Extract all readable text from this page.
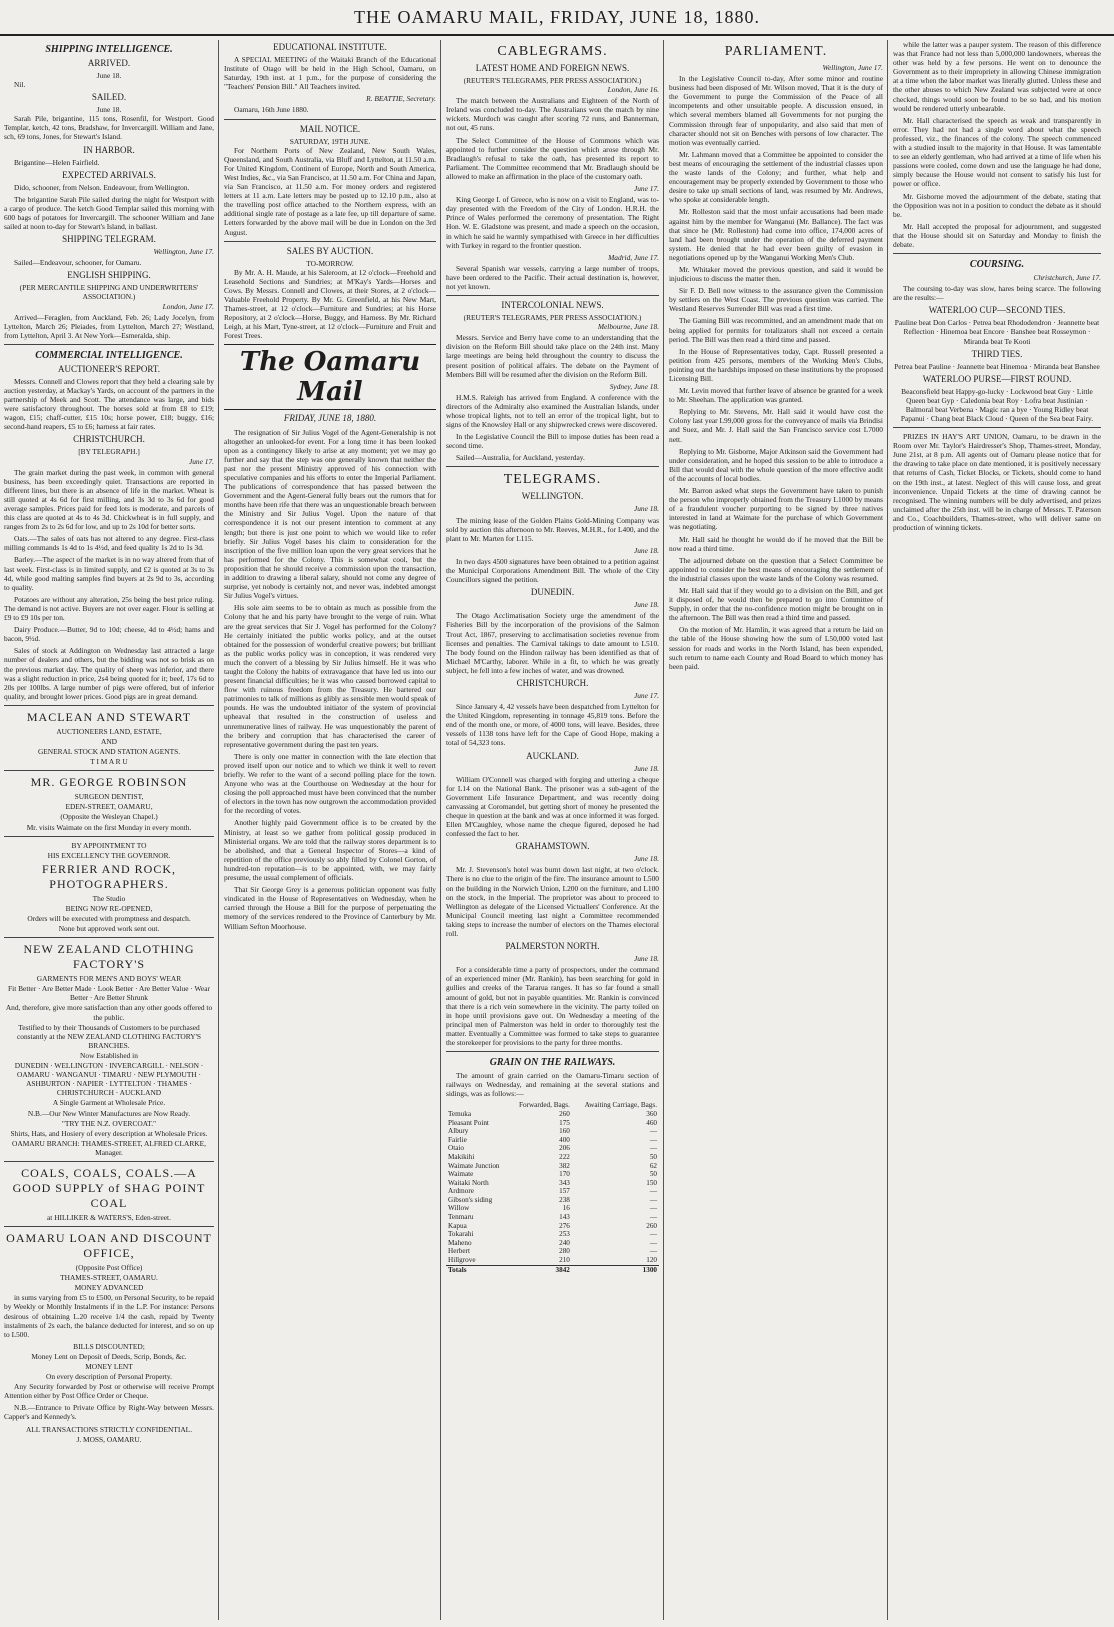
THE OAMARU MAIL, FRIDAY, JUNE 18, 1880.
SHIPPING INTELLIGENCE.
ARRIVED.
June 18.

Nil.

SAILED.
June 18.

Sarah Pile, brigantine, 115 tons, Rosenfil, for Westport. Good Templar, ketch, 42 tons, Bradshaw, for Invercargill. William and Jane, sch, 69 tons, Jones, for Stewart's Island.

IN HARBOR.

Brigantine—Helen Fairfield.

EXPECTED ARRIVALS.

Dido, schooner, from Nelson. Endeavour, from Wellington.

The brigantine Sarah Pile sailed during the night for Westport with a cargo of produce. The ketch Good Templar sailed this morning with 600 bags of potatoes for Invercargill. The schooner William and Jane sailed at noon to-day for Stewart's Island, in ballast.

SHIPPING TELEGRAM.
Wellington, June 17.

Sailed—Endeavour, schooner, for Oamaru.

ENGLISH SHIPPING.
(PER MERCANTILE SHIPPING AND UNDERWRITERS' ASSOCIATION.)
London, June 17.

Arrived—Feraglen, from Auckland, Feb. 26; Lady Jocelyn, from Lyttelton, March 26; Pleiades, from Lyttelton, March 27; Westland, from Lyttelton, April 3. At New York—Esmeralda, ship.

COMMERCIAL INTELLIGENCE.
AUCTIONEER'S REPORT.

Messrs. Connell and Clowes report that they held a clearing sale by auction yesterday, at Mackay's Yards, on account of the partners in the partnership of Meek and Scott. The attendance was large, and bids were satisfactory throughout. The horses sold at from £8 to £19; wagon, £15; chaff-cutter, £15 10s; horse power, £18; buggy, £16; second-hand reapers, £5 to £6; harness at fair rates.

CHRISTCHURCH.
[BY TELEGRAPH.]
June 17.

The grain market during the past week, in common with general business, has been exceedingly quiet. Transactions are reported in different lines, but there is an absence of life in the market. Wheat is still quoted at 4s 6d for first milling, and 3s 3d to 3s 6d for good average samples. Prices paid for feed lots is moderate, and parcels of this class are quoted at 4s to 4s 3d. Chickwheat is in full supply, and ranges from 2s to 2s 6d for low, and up to 2s 10d for better sorts.

Oats.—The sales of oats has not altered to any degree. First-class milling commands 1s 4d to 1s 4½d, and feed quality 1s 2d to 1s 3d.

Barley.—The aspect of the market is in no way altered from that of last week. First-class is in limited supply, and £2 is quoted at 3s to 3s 4d, while good malting samples find buyers at 2s 9d to 3s, according to quality.

Potatoes are without any alteration, 25s being the best price ruling. The demand is not active. Buyers are not over eager. Flour is selling at £9 to £9 10s per ton.

Dairy Produce.—Butter, 9d to 10d; cheese, 4d to 4½d; hams and bacon, 9½d.

Sales of stock at Addington on Wednesday last attracted a large number of dealers and others, but the bidding was not so brisk as on the previous market day. The quality of sheep was inferior, and there was a slight reduction in price, 2s4 being quoted for it; beef, 17s 6d to 20s per 100lbs. A large number of pigs were offered, but of inferior quality, and brought lower prices. Good pigs are in great demand.

MACLEAN AND STEWART

AUCTIONEERS LAND, ESTATE,

AND

GENERAL STOCK AND STATION AGENTS.

T I M A R U

MR. GEORGE ROBINSON

SURGEON DENTIST,

EDEN-STREET, OAMARU,

(Opposite the Wesleyan Chapel.)

Mr. visits Waimate on the first Monday in every month.

BY APPOINTMENT TO

HIS EXCELLENCY THE GOVERNOR.

FERRIER AND ROCK, PHOTOGRAPHERS.

The Studio

BEING NOW RE-OPENED,

Orders will be executed with promptness and despatch.

None but approved work sent out.

NEW ZEALAND CLOTHING FACTORY'S

GARMENTS FOR MEN'S AND BOYS' WEAR

Fit Better · Are Better Made · Look Better · Are Better Value · Wear Better · Are Better Shrunk

And, therefore, give more satisfaction than any other goods offered to the public.

Testified to by their Thousands of Customers to be purchased constantly at the NEW ZEALAND CLOTHING FACTORY'S BRANCHES.

Now Established in

DUNEDIN · WELLINGTON · INVERCARGILL · NELSON · OAMARU · WANGANUI · TIMARU · NEW PLYMOUTH · ASHBURTON · NAPIER · LYTTELTON · THAMES · CHRISTCHURCH · AUCKLAND

A Single Garment at Wholesale Price.

N.B.—Our New Winter Manufactures are Now Ready.

"TRY THE N.Z. OVERCOAT."

Shirts, Hats, and Hosiery of every description at Wholesale Prices.

OAMARU BRANCH: THAMES-STREET, ALFRED CLARKE, Manager.

COALS, COALS, COALS.—A GOOD SUPPLY of SHAG POINT COAL

at HILLIKER & WATERS'S, Eden-street.

OAMARU LOAN AND DISCOUNT OFFICE,

(Opposite Post Office)

THAMES-STREET, OAMARU.

MONEY ADVANCED

in sums varying from £5 to £500, on Personal Security, to be repaid by Weekly or Monthly Instalments if in the L.P. For instance: Persons desirous of obtaining L.20 receive 1/4 the cash, repaid by Twenty instalments of 2s each, the balance deducted for interest, and so on up to L500.

BILLS DISCOUNTED;

Money Lent on Deposit of Deeds, Scrip, Bonds, &c.

MONEY LENT

On every description of Personal Property.

Any Security forwarded by Post or otherwise will receive Prompt Attention either by Post Office Order or Cheque.

N.B.—Entrance to Private Office by Right-Way between Messrs. Capper's and Kennedy's.

ALL TRANSACTIONS STRICTLY CONFIDENTIAL.

J. MOSS, OAMARU.

EDUCATIONAL INSTITUTE.

A SPECIAL MEETING of the Waitaki Branch of the Educational Institute of Otago will be held in the High School, Oamaru, on Saturday, 19th inst. at 1 p.m., for the purpose of considering the "Teachers' Pension Bill." All Teachers invited.

R. BEATTIE, Secretary.

Oamaru, 16th June 1880.

MAIL NOTICE.
SATURDAY, 19TH JUNE.

For Northern Ports of New Zealand, New South Wales, Queensland, and South Australia, via Bluff and Lyttelton, at 11.50 a.m. For United Kingdom, Continent of Europe, North and South America, West Indies, &c., via San Francisco, at 11.50 a.m. For China and Japan, via San Francisco, at 11.50 a.m. For money orders and registered letters at 11 a.m. Late letters may be posted up to 12.10 p.m., also at the travelling post office attached to the Northern express, with an additional single rate of postage as a late fee, up till departure of same. Letters forwarded by the above mail will be due in London on the 3rd August.

SALES BY AUCTION.
TO-MORROW.

By Mr. A. H. Maude, at his Saleroom, at 12 o'clock—Freehold and Leasehold Sections and Sundries; at M'Kay's Yards—Horses and Cows. By Messrs. Connell and Clowes, at their Stores, at 2 o'clock—Valuable Freehold Property. By Mr. G. Greenfield, at his New Mart, Thames-street, at 12 o'clock—Furniture and Sundries; at his Horse Repository, at 2 o'clock—Horse, Buggy, and Harness. By Mr. Richard Leigh, at his Mart, Tyne-street, at 12 o'clock—Furniture and Fruit and Forest Trees.

The Oamaru Mail
FRIDAY, JUNE 18, 1880.

The resignation of Sir Julius Vogel of the Agent-Generalship is not altogether an unlooked-for event. For a long time it has been looked upon as a contingency likely to arise at any moment; yet we may go further and say that the step was one generally known that neither the past nor the present Ministry approved of his connection with speculative companies and his efforts to enter the Imperial Parliament. The publications of correspondence that has passed between the Government and the Agent-General fully bears out the rumors that for months have been rife that there was an unquestionable breach between the Ministry and Sir Julius Vogel. Upon the nature of that correspondence it is not our present intention to comment at any length; but there is just one point to which we would like to refer briefly. Sir Julius Vogel bases his claim to consideration for the inscription of the five million loan upon the very great services that he has performed for the Colony. This is somewhat cool, but the proposition that he should receive a commission upon the transaction, in addition to drawing a liberal salary, should not come any degree of surprise, yet nobody is certainly not, and never was, indebted amongst Sir Julius Vogel's virtues.

His sole aim seems to be to obtain as much as possible from the Colony that he and his party have brought to the verge of ruin. What are the great services that Sir J. Vogel has performed for the Colony? He certainly initiated the public works policy, and at the outset obtained for the possession of wonderful creative powers; but brilliant as the public works policy was in conception, it was rendered very much the convert of a blessing by Sir Julius himself. He it was who taught the Colony the habits of extravagance that have led us into our present financial difficulties; he it was who caused borrowed capital to flow with ruinous freedom from the Treasury. He bartered our patrimonies to talk of millions as glibly as sensible men would speak of pounds. He was the undoubted initiator of the system of provincial upheaval that resulted in the construction of useless and unremunerative lines of railway. He was unquestionably the parent of the bribery and corruption that has characterised the career of representative government during the past ten years.

There is only one matter in connection with the late election that proved itself upon our notice and to which we think it well to revert briefly. We refer to the want of a second polling place for the town. Anyone who was at the Courthouse on Wednesday at the hour for closing the poll approached must have been convinced that the number of electors in the town has now outgrown the accommodation provided for the recording of votes.

Another highly paid Government office is to be created by the Ministry, at least so we gather from political gossip produced in Ministerial organs. We are told that the railway stores department is to be abolished, and that a General Inspector of Stores—a kind of repetition of the office previously so ably filled by Colonel Gorton, of hundred-ton reputation—is to be appointed, with, we may fairly presume, the usual complement of officials.

That Sir George Grey is a generous politician opponent was fully vindicated in the House of Representatives on Wednesday, when he carried through the House a Bill for the purpose of perpetuating the memory of the services rendered to the Province of Canterbury by Mr. William Sefton Moorhouse.

CABLEGRAMS.
LATEST HOME AND FOREIGN NEWS.
(REUTER'S TELEGRAMS, PER PRESS ASSOCIATION.)
London, June 16.

The match between the Australians and Eighteen of the North of Ireland was concluded to-day. The Australians won the match by nine wickets. Murdoch was caught after scoring 72 runs, and Bannerman, not out, 45 runs.

The Select Committee of the House of Commons which was appointed to further consider the question which arose through Mr. Bradlaugh's refusal to take the oath, has presented its report to Parliament. The Committee recommend that Mr. Bradlaugh should be allowed to make an affirmation in the place of the customary oath.

June 17.

King George I. of Greece, who is now on a visit to England, was to-day presented with the Freedom of the City of London. H.R.H. the Prince of Wales performed the ceremony of presentation. The Right Hon. W. E. Gladstone was present, and made a speech on the occasion, in which he said he warmly sympathised with Greece in her difficulties with Turkey in regard to the frontier question.

Madrid, June 17.

Several Spanish war vessels, carrying a large number of troops, have been ordered to the Pacific. Their actual destination is, however, not yet known.

INTERCOLONIAL NEWS.
(REUTER'S TELEGRAMS, PER PRESS ASSOCIATION.)
Melbourne, June 18.

Messrs. Service and Berry have come to an understanding that the division on the Reform Bill should take place on the 24th inst. Many large meetings are being held throughout the country to discuss the present position of political affairs. The debate on the Payment of Members Bill will be resumed after the division on the Reform Bill.

Sydney, June 18.

H.M.S. Raleigh has arrived from England. A conference with the directors of the Admiralty also examined the Australian Islands, under whose tropical lights, not to tell an error of the tropical light, but to signs of the Knowsley Hall or any shipwrecked crews were discovered.

In the Legislative Council the Bill to impose duties has been read a second time.

Sailed—Australia, for Auckland, yesterday.

TELEGRAMS.
WELLINGTON.
June 18.

The mining lease of the Golden Plains Gold-Mining Company was sold by auction this afternoon to Mr. Reeves, M.H.R., for L400, and the plant to Mr. Marten for L115.

June 18.

In two days 4500 signatures have been obtained to a petition against the Municipal Corporations Amendment Bill. The whole of the City Councillors signed the petition.

DUNEDIN.
June 18.

The Otago Acclimatisation Society urge the amendment of the Fisheries Bill by the incorporation of the provisions of the Salmon Trout Act, 1867, preserving to acclimatisation societies revenue from licenses and penalties. The Carnival takings to date amount to L510. The body found on the Hindon railway has been identified as that of Michael M'Carthy, laborer. While in a fit, to which he was greatly subject, he fell into a few inches of water, and was drowned.

CHRISTCHURCH.
June 17.

Since January 4, 42 vessels have been despatched from Lyttelton for the United Kingdom, representing in tonnage 45,819 tons. Before the end of the month one, or more, of 4000 tons, will leave. Besides, three vessels of 1138 tons have left for the Cape of Good Hope, making a total of 54,323 tons.

AUCKLAND.
June 18.

William O'Connell was charged with forging and uttering a cheque for L14 on the National Bank. The prisoner was a sub-agent of the Government Life Insurance Department, and was recently doing canvassing at Coromandel, but getting short of money he presented the cheque in question at the bank and was at once informed it was forged. Ellen M'Caughley, whose name the cheque figured, deposed he had confessed the fact to her.

GRAHAMSTOWN.
June 18.

Mr. J. Stevenson's hotel was burnt down last night, at two o'clock. There is no clue to the origin of the fire. The insurance amount to L500 on the building in the Norwich Union, L200 on the furniture, and L100 on the stock, in the Imperial. The proprietor was about to proceed to Wellington as delegate of the Licensed Victuallers' Conference. At the Municipal Council meeting last night a Committee recommended taking steps to increase the number of electors on the Thames electoral roll.

PALMERSTON NORTH.
June 18.

For a considerable time a party of prospectors, under the command of an experienced miner (Mr. Rankin), has been searching for gold in gullies and creeks of the Tararua ranges. It has so far found a small amount of gold, but not in payable quantities. Mr. Rankin is convinced that there is a rich vein somewhere in the vicinity. The party toiled on in hope until provisions gave out. On Wednesday a meeting of the principal men of Palmerston was held in order to thoroughly test the matter. Eventually a Committee was formed to take steps to guarantee the storekeeper for provisions to the party for three months.

GRAIN ON THE RAILWAYS.

The amount of grain carried on the Oamaru-Timaru section of railways on Wednesday, and remaining at the several stations and sidings, was as follows:—

	Forwarded, Bags.	Awaiting Carriage, Bags.
Temuka	260	360
Pleasant Point	175	460
Albury	160	—
Fairlie	400	—
Otaio	206	—
Makikihi	222	50
Waimate Junction	382	62
Waimate	170	50
Waitaki North	343	150
Ardmore	157	—
Gibson's siding	238	—
Willow	16	—
Tenmaru	143	—
Kapua	276	260
Tokarahi	253	—
Maheno	240	—
Herbert	280	—
Hillgrove	210	120
Totals	3842	1300
PARLIAMENT.
Wellington, June 17.

In the Legislative Council to-day, After some minor and routine business had been disposed of Mr. Wilson moved, That it is the duty of the Government to purge the Commission of the Peace of all incompetents and other unsuitable people. A discussion ensued, in which several members blamed all Governments for not purging the Commission through fear of unpopularity, and also said that men of character should not sit on Benches with persons of low character. The motion was eventually carried.

Mr. Lahmann moved that a Committee be appointed to consider the best means of encouraging the settlement of the industrial classes upon the waste lands of the Colony; and further, what help and encouragement may be properly extended by Government to those who desire to take up small sections of land, was resumed by Mr. Andrews, who spoke at considerable length.

Mr. Rolleston said that the most unfair accusations had been made against him by the member for Wanganui (Mr. Ballance). The fact was that since he (Mr. Rolleston) had come into office, 174,000 acres of land had been brought under the operation of the deferred payment system. He denied that he had ever been guilty of evasion in negotiations opened up by the Wanganui Working Men's Club.

Mr. Whitaker moved the previous question, and said it would be injudicious to discuss the matter then.

Sir F. D. Bell now witness to the assurance given the Commission by settlers on the West Coast. The previous question was carried. The Westland Reserves Surrender Bill was read a first time.

The Gaming Bill was recommitted, and an amendment made that on being applied for permits for totalizators shall not exceed a certain period. The Bill was then read a third time and passed.

In the House of Representatives today, Capt. Russell presented a petition from 425 persons, members of the Working Men's Clubs, pointing out the hardships imposed on these institutions by the proposed Licensing Bill.

Mr. Levin moved that further leave of absence be granted for a week to Mr. Sheehan. The application was granted.

Replying to Mr. Stevens, Mr. Hall said it would have cost the Colony last year L99,000 gross for the conveyance of mails via Brindisi and Suez, and Mr. J. Hall said the San Francisco service cost L7000 nett.

Replying to Mr. Gisborne, Major Atkinson said the Government had under consideration, and he hoped this session to be able to introduce a Bill that would deal with the whole question of the more effective audit of the accounts of local bodies.

Mr. Barron asked what steps the Government have taken to punish the person who improperly obtained from the Treasury L1000 by means of a fraudulent voucher purporting to be signed by three natives interested in land at Waimate for the purchase of which Government was negotiating.

Mr. Hall said he thought he would do if he moved that the Bill be now read a third time.

The adjourned debate on the question that a Select Committee be appointed to consider the best means of encouraging the settlement of the industrial classes upon the waste lands of the Colony was resumed.

Mr. Hall said that if they would go to a division on the Bill, and get it disposed of, he would then be prepared to go into Committee of Supply, in order that the no-confidence motion might be brought on in the afternoon. The Bill was then read a third time and passed.

On the motion of Mr. Hamlin, it was agreed that a return be laid on the table of the House showing how the sum of L50,000 voted last session for roads and works in the North Island, has been expended, such return to name each County and Road Board to which money has been paid.

while the latter was a pauper system. The reason of this difference was that France had not less than 5,000,000 landowners, whereas the other was held by a few persons. He went on to denounce the Government as to their impropriety in allowing Chinese immigration at a time when the labor market was literally glutted. Unless these and the other abuses to which New Zealand was subjected were at once checked, things would soon be found to be so bad, and his motion would be rendered utterly unbearable.

Mr. Hall characterised the speech as weak and transparently in error. They had not had a single word about what the speech professed, viz., the finances of the colony. The speech commenced with a studied insult to the majority in that House. It was lamentable to see an elderly gentleman, who had arrived at a time of life when his passions were cooled, come down and use the language he had done, simply because the House would not consent to satisfy his lust for power or office.

Mr. Gisborne moved the adjournment of the debate, stating that the Opposition was not in a position to conduct the debate as it should be.

Mr. Hall accepted the proposal for adjournment, and suggested that the House should sit on Saturday and Monday to finish the debate.

COURSING.
Christchurch, June 17.

The coursing to-day was slow, hares being scarce. The following are the results:—

WATERLOO CUP—SECOND TIES.

Pauline beat Don Carlos · Petrea beat Rhododendron · Jeannette beat Reflection · Hinemoa beat Encore · Banshee beat Rosseymon · Miranda beat Te Kooti

THIRD TIES.

Petrea beat Pauline · Jeannette beat Hinemoa · Miranda beat Banshee

WATERLOO PURSE—FIRST ROUND.

Beaconsfield beat Happy-go-lucky · Lockwood beat Guy · Little Queen beat Gyp · Caledonia beat Roy · Lofra beat Justinian · Balmoral beat Verbena · Magic ran a bye · Young Ridley beat Papanui · Chang beat Black Cloud · Queen of the Sea beat Fairy.

PRIZES IN HAY'S ART UNION, Oamaru, to be drawn in the Room over Mr. Taylor's Hairdresser's Shop, Thames-street, Monday, June 21st, at 8 p.m. All agents out of Oamaru please notice that for the drawing to take place on date mentioned, it is positively necessary that returns of Cash, Ticket Blocks, or Tickets, should come to hand on the 19th inst., at latest. Neglect of this will cause loss, and great inconvenience. Unpaid Tickets at the time of drawing cannot be recognised. The winning numbers will be duly advertised, and prizes unclaimed after the 25th inst. will be in charge of Messrs. T. Paterson and Co., Coachbuilders, Thames-street, who will deliver same on production of winning tickets.
